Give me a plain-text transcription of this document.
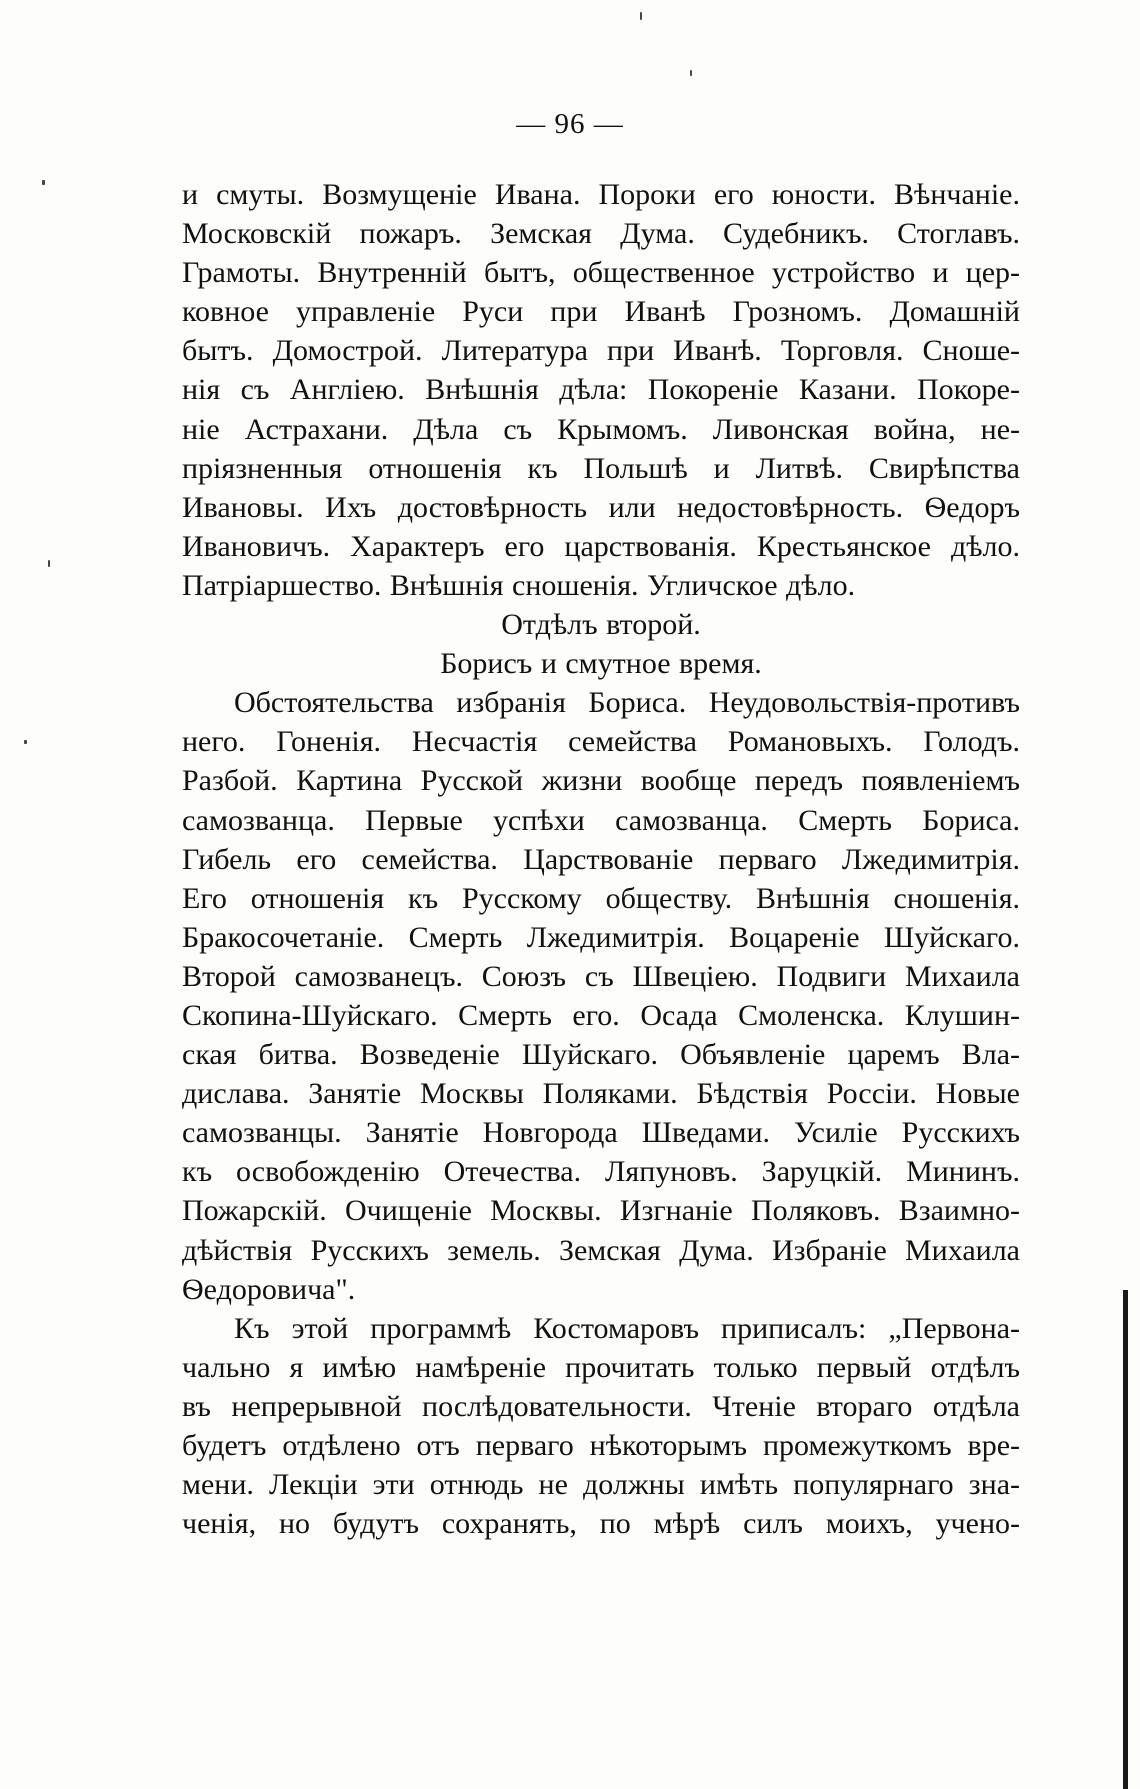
— 96 —
и смуты. Возмущеніе Ивана. Пороки его юности. Вѣнчаніе.
Московскій пожаръ. Земская Дума. Судебникъ. Стоглавъ.
Грамоты. Внутренній бытъ, общественное устройство и цер-
ковное управленіе Руси при Иванѣ Грозномъ. Домашній
бытъ. Домострой. Литература при Иванѣ. Торговля. Сноше-
нія съ Англіею. Внѣшнія дѣла: Покореніе Казани. Покоре-
ніе Астрахани. Дѣла съ Крымомъ. Ливонская война, не-
пріязненныя отношенія къ Польшѣ и Литвѣ. Свирѣпства
Ивановы. Ихъ достовѣрность или недостовѣрность. Ѳедоръ
Ивановичъ. Характеръ его царствованія. Крестьянское дѣло.
Патріаршество. Внѣшнія сношенія. Угличское дѣло.
Отдѣлъ второй.
Борисъ и смутное время.
Обстоятельства избранія Бориса. Неудовольствія-противъ
него. Гоненія. Несчастія семейства Романовыхъ. Голодъ.
Разбой. Картина Русской жизни вообще передъ появленіемъ
самозванца. Первые успѣхи самозванца. Смерть Бориса.
Гибель его семейства. Царствованіе перваго Лжедимитрія.
Его отношенія къ Русскому обществу. Внѣшнія сношенія.
Бракосочетаніе. Смерть Лжедимитрія. Воцареніе Шуйскаго.
Второй самозванецъ. Союзъ съ Швеціею. Подвиги Михаила
Скопина-Шуйскаго. Смерть его. Осада Смоленска. Клушин-
ская битва. Возведеніе Шуйскаго. Объявленіе царемъ Вла-
дислава. Занятіе Москвы Поляками. Бѣдствія Россіи. Новые
самозванцы. Занятіе Новгорода Шведами. Усиліе Русскихъ
къ освобожденію Отечества. Ляпуновъ. Заруцкій. Мининъ.
Пожарскій. Очищеніе Москвы. Изгнаніе Поляковъ. Взаимно-
дѣйствія Русскихъ земель. Земская Дума. Избраніе Михаила
Ѳедоровича".
Къ этой программѣ Костомаровъ приписалъ: „Первона-
чально я имѣю намѣреніе прочитать только первый отдѣлъ
въ непрерывной послѣдовательности. Чтеніе втораго отдѣла
будетъ отдѣлено отъ перваго нѣкоторымъ промежуткомъ вре-
мени. Лекціи эти отнюдь не должны имѣть популярнаго зна-
ченія, но будутъ сохранять, по мѣрѣ силъ моихъ, учено-
